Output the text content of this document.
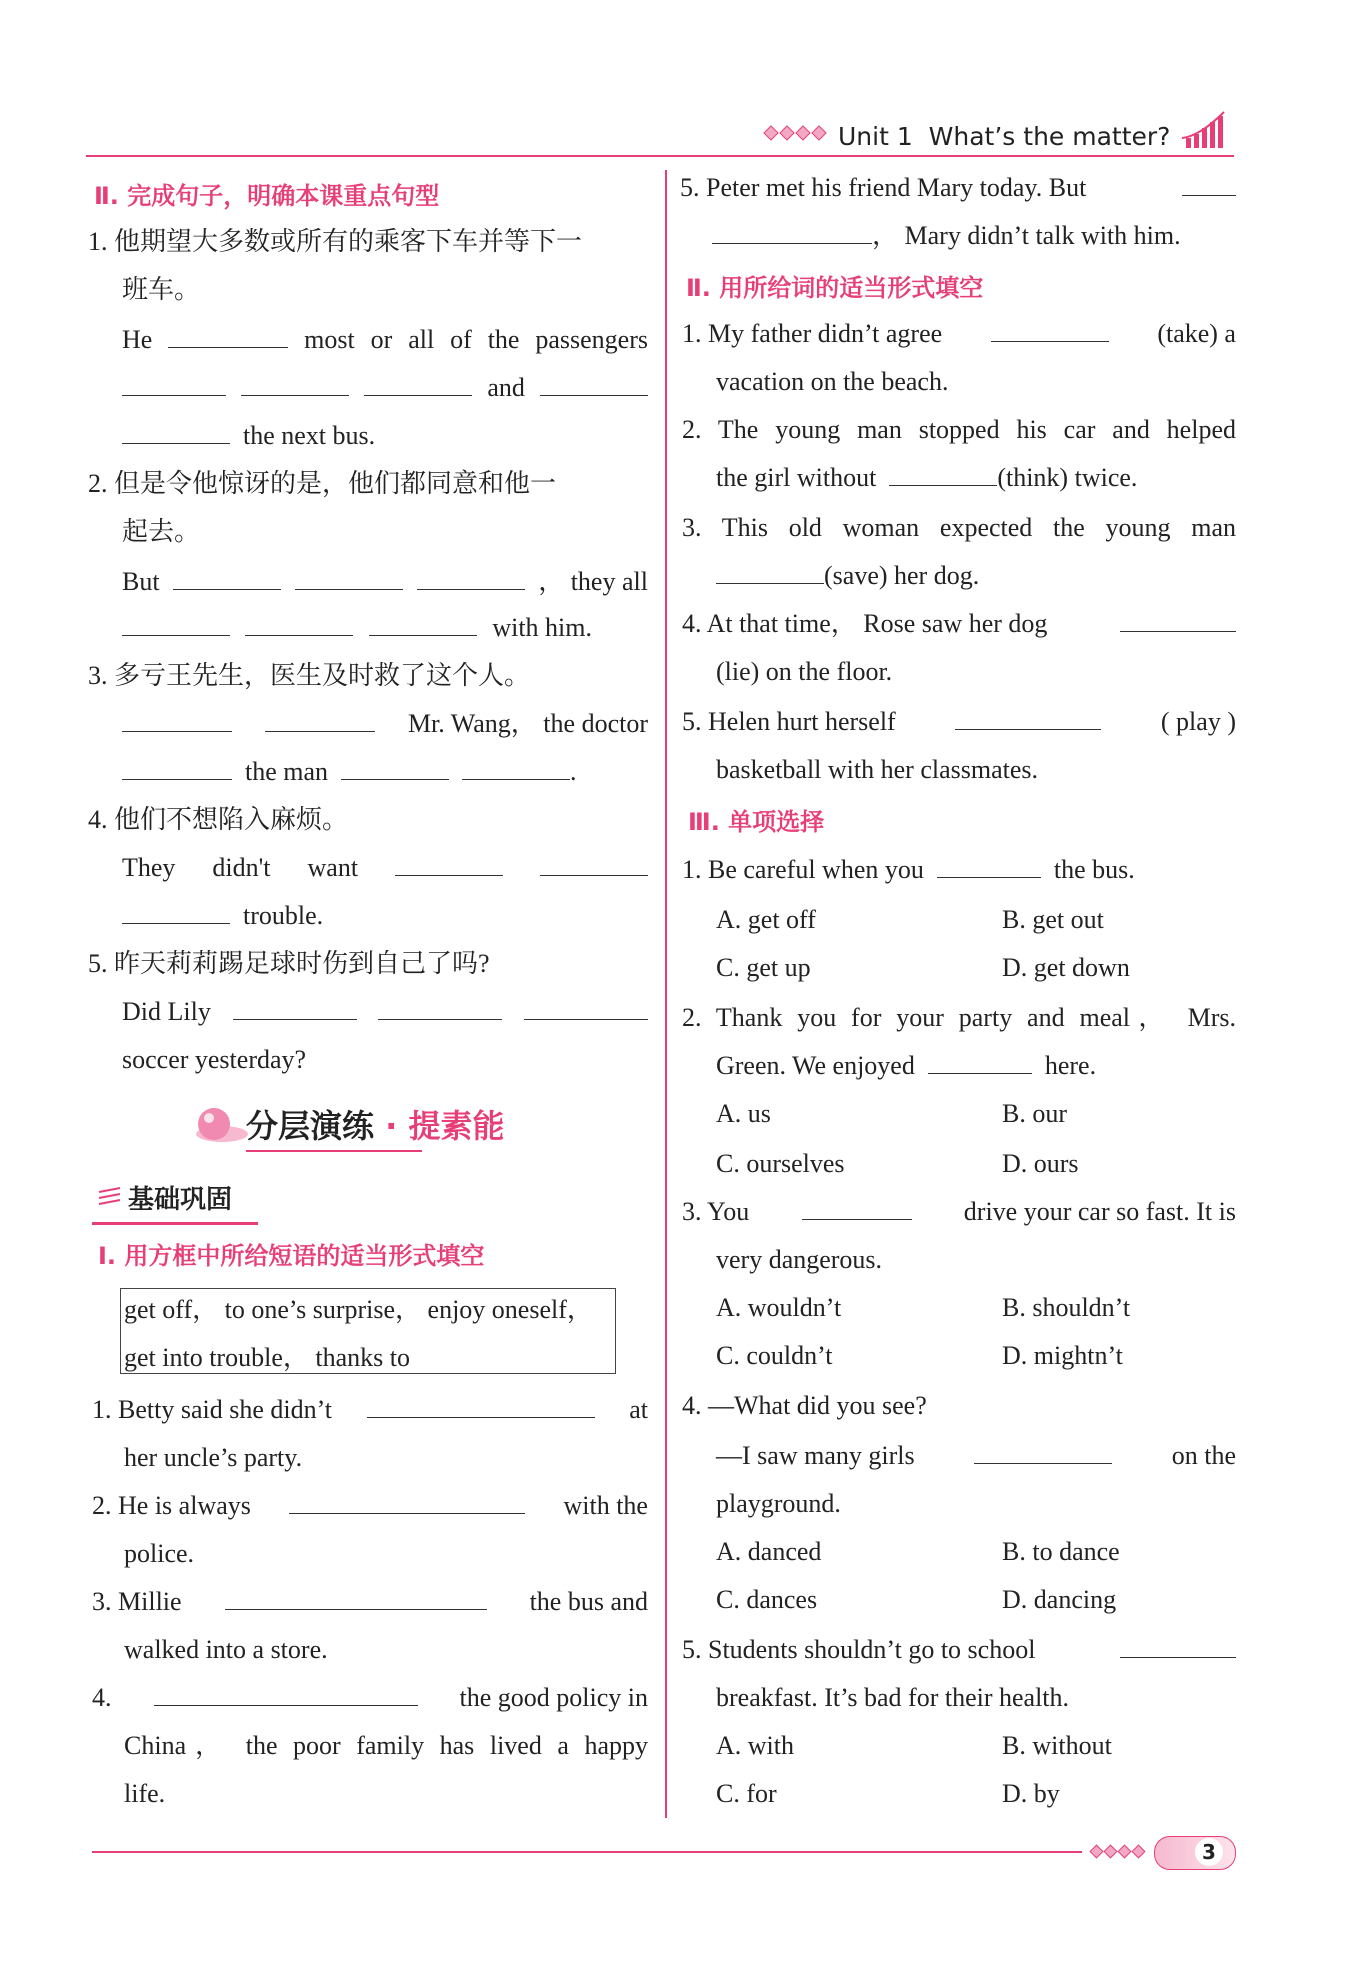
Unit 1 What’s the matter?
Ⅱ. 完成句子，明确本课重点句型
1. 他期望大多数或所有的乘客下车并等下一
班车。
He	most or all of the passengers
and
the next bus.
2. 但是令他惊讶的是，他们都同意和他一
起去。
But	， they all
with him.
3. 多亏王先生，医生及时救了这个人。
Mr. Wang， the doctor
the man	.
4. 他们不想陷入麻烦。
They didn't want
trouble.
5. 昨天莉莉踢足球时伤到自己了吗?
Did Lily
soccer yesterday?
分层演练 · 提素能
基础巩固
Ⅰ. 用方框中所给短语的适当形式填空
get off， to one’s surprise， enjoy oneself，
get into trouble， thanks to
1. Betty said she didn’t	at
her uncle’s party.
2. He is always	with the
police.
3. Millie	the bus and
walked into a store.
4.	the good policy in
China， the poor family has lived a happy
life.
5. Peter met his friend Mary today. But
， Mary didn’t talk with him.
Ⅱ. 用所给词的适当形式填空
1. My father didn’t agree	(take) a
vacation on the beach.
2. The young man stopped his car and helped
the girl without	(think) twice.
3. This old woman expected the young man
(save) her dog.
4. At that time， Rose saw her dog
(lie) on the floor.
5. Helen hurt herself	( play )
basketball with her classmates.
Ⅲ. 单项选择
1. Be careful when you	the bus.
A. get off	B. get out
C. get up	D. get down
2. Thank you for your party and meal， Mrs.
Green. We enjoyed	here.
A. us	B. our
C. ourselves	D. ours
3. You	drive your car so fast. It is
very dangerous.
A. wouldn’t	B. shouldn’t
C. couldn’t	D. mightn’t
4. —What did you see?
—I saw many girls	on the
playground.
A. danced	B. to dance
C. dances	D. dancing
5. Students shouldn’t go to school
breakfast. It’s bad for their health.
A. with	B. without
C. for	D. by
3
